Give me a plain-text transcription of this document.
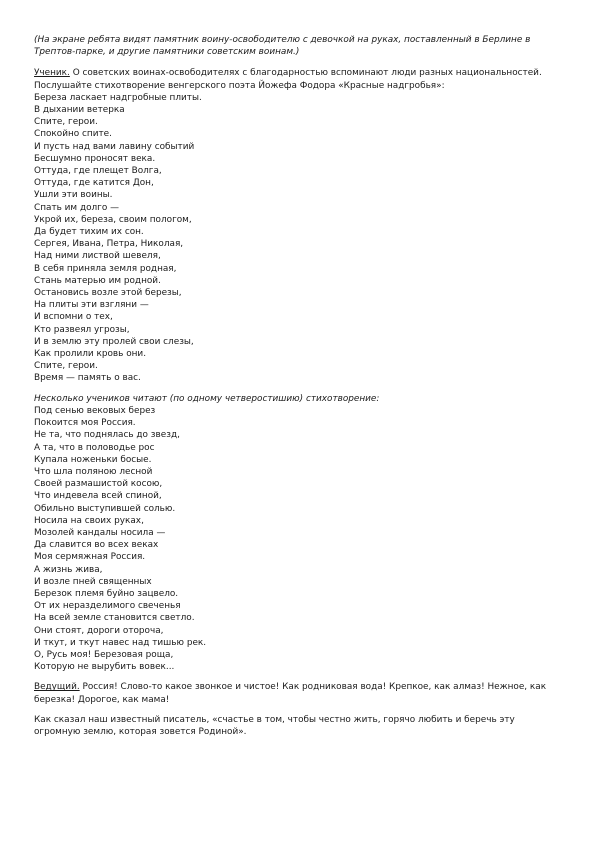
(На экране ребята видят памятник воину-освободителю с девочкой на руках, поставленный в Берлине в Трептов-парке, и другие памятники советским воинам.)

Ученик. О советских воинах-освободителях с благодарностью вспоминают люди разных национальностей. Послушайте стихотворение венгерского поэта Йожефа Фодора «Красные надгробья»:

Береза ласкает надгробные плиты.

В дыхании ветерка

Спите, герои.

Спокойно спите.

И пусть над вами лавину событий

Бесшумно проносят века.

Оттуда, где плещет Волга,

Оттуда, где катится Дон,

Ушли эти воины.

Спать им долго —

Укрой их, береза, своим пологом,

Да будет тихим их сон.

Сергея, Ивана, Петра, Николая,

Над ними листвой шевеля,

В себя приняла земля родная,

Стань матерью им родной.

Остановись возле этой березы,

На плиты эти взгляни —

И вспомни о тех,

Кто развеял угрозы,

И в землю эту пролей свои слезы,

Как пролили кровь они.

Спите, герои.

Время — память о вас.

Несколько учеников читают (по одному четверостишию) стихотворение:

Под сенью вековых берез

Покоится моя Россия.

Не та, что поднялась до звезд,

А та, что в половодье рос

Купала ноженьки босые.

Что шла поляною лесной

Своей размашистой косою,

Что индевела всей спиной,

Обильно выступившей солью.

Носила на своих руках,

Мозолей кандалы носила —

Да славится во всех веках

Моя сермяжная Россия.

А жизнь жива,

И возле пней священных

Березок племя буйно зацвело.

От их неразделимого свеченья

На всей земле становится светло.

Они стоят, дороги отороча,

И ткут, и ткут навес над тишью рек.

О, Русь моя! Березовая роща,

Которую не вырубить вовек...

Ведущий. Россия! Слово-то какое звонкое и чистое! Как родниковая вода! Крепкое, как алмаз! Нежное, как березка! Дорогое, как мама!

Как сказал наш известный писатель, «счастье в том, чтобы честно жить, горячо любить и беречь эту огромную землю, которая зовется Родиной».
